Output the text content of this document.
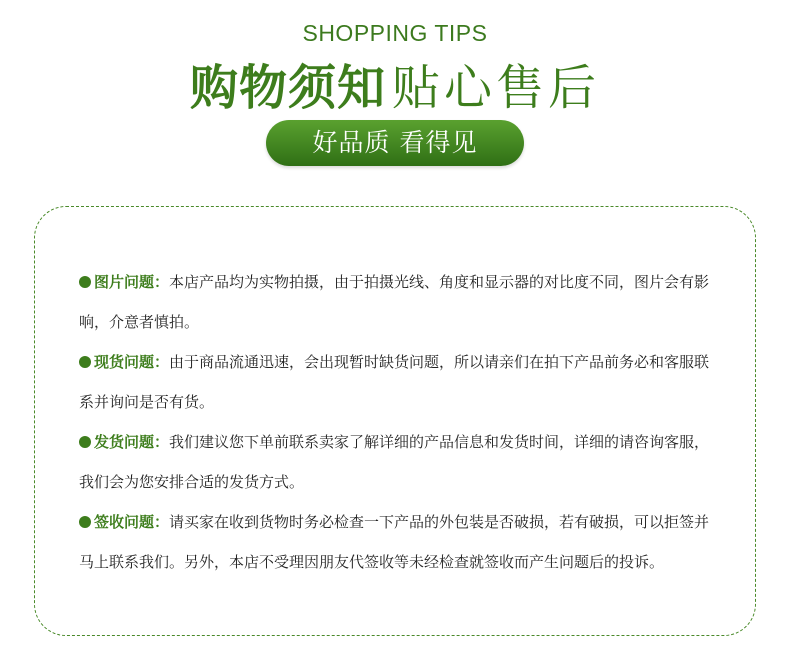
SHOPPING TIPS
购物须知 贴心售后
好品质 看得见

图片问题：本店产品均为实物拍摄，由于拍摄光线、角度和显示器的对比度不同，图片会有影响，介意者慎拍。

现货问题：由于商品流通迅速，会出现暂时缺货问题，所以请亲们在拍下产品前务必和客服联系并询问是否有货。

发货问题：我们建议您下单前联系卖家了解详细的产品信息和发货时间，详细的请咨询客服，我们会为您安排合适的发货方式。

签收问题：请买家在收到货物时务必检查一下产品的外包装是否破损，若有破损，可以拒签并马上联系我们。另外，本店不受理因朋友代签收等未经检查就签收而产生问题后的投诉。
